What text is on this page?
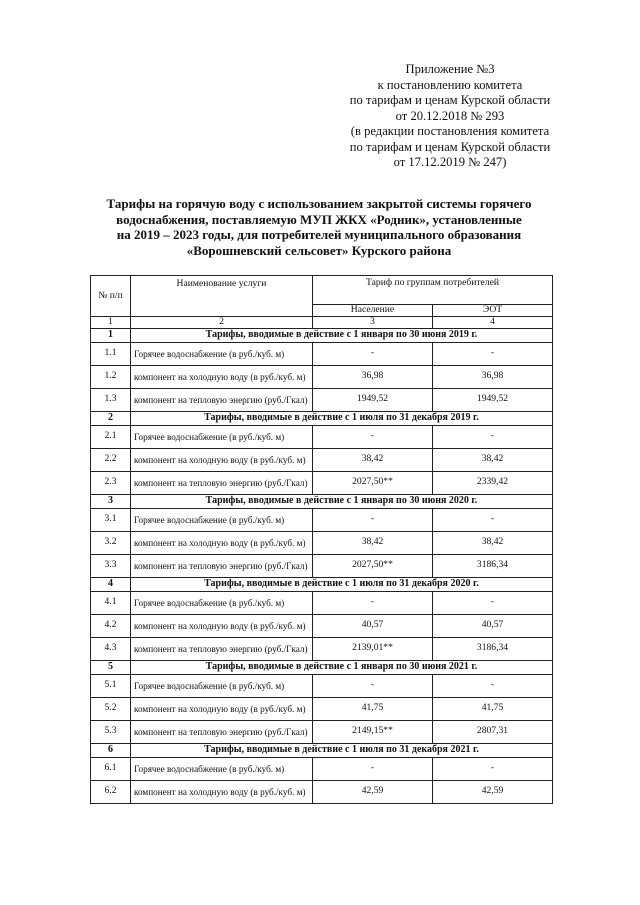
Приложение №3
к постановлению комитета
по тарифам и ценам Курской области
от 20.12.2018 № 293
(в редакции постановления комитета
по тарифам и ценам Курской области
от 17.12.2019 № 247)
Тарифы на горячую воду с использованием закрытой системы горячего
водоснабжения, поставляемую МУП ЖКХ «Родник», установленные
на 2019 – 2023 годы, для потребителей муниципального образования
«Ворошневский сельсовет» Курского района
№ п/п	Наименование услуги	Тариф по группам потребителей	
		Население	ЭОТ
1	2	3	4
1	Тарифы, вводимые в действие с 1 января по 30 июня 2019 г.		
1.1	Горячее водоснабжение (в руб./куб. м)	-	-
1.2	компонент на холодную воду (в руб./куб. м)	36,98	36,98
1.3	компонент на тепловую энергию (руб./Гкал)	1949,52	1949,52
2	Тарифы, вводимые в действие с 1 июля по 31 декабря 2019 г.		
2.1	Горячее водоснабжение (в руб./куб. м)	-	-
2.2	компонент на холодную воду (в руб./куб. м)	38,42	38,42
2.3	компонент на тепловую энергию (руб./Гкал)	2027,50**	2339,42
3	Тарифы, вводимые в действие с 1 января по 30 июня 2020 г.		
3.1	Горячее водоснабжение (в руб./куб. м)	-	-
3.2	компонент на холодную воду (в руб./куб. м)	38,42	38,42
3.3	компонент на тепловую энергию (руб./Гкал)	2027,50**	3186,34
4	Тарифы, вводимые в действие с 1 июля по 31 декабря 2020 г.		
4.1	Горячее водоснабжение (в руб./куб. м)	-	-
4.2	компонент на холодную воду (в руб./куб. м)	40,57	40,57
4.3	компонент на тепловую энергию (руб./Гкал)	2139,01**	3186,34
5	Тарифы, вводимые в действие с 1 января по 30 июня 2021 г.		
5.1	Горячее водоснабжение (в руб./куб. м)	-	-
5.2	компонент на холодную воду (в руб./куб. м)	41,75	41,75
5.3	компонент на тепловую энергию (руб./Гкал)	2149,15**	2807,31
6	Тарифы, вводимые в действие с 1 июля по 31 декабря 2021 г.		
6.1	Горячее водоснабжение (в руб./куб. м)	-	-
6.2	компонент на холодную воду (в руб./куб. м)	42,59	42,59
